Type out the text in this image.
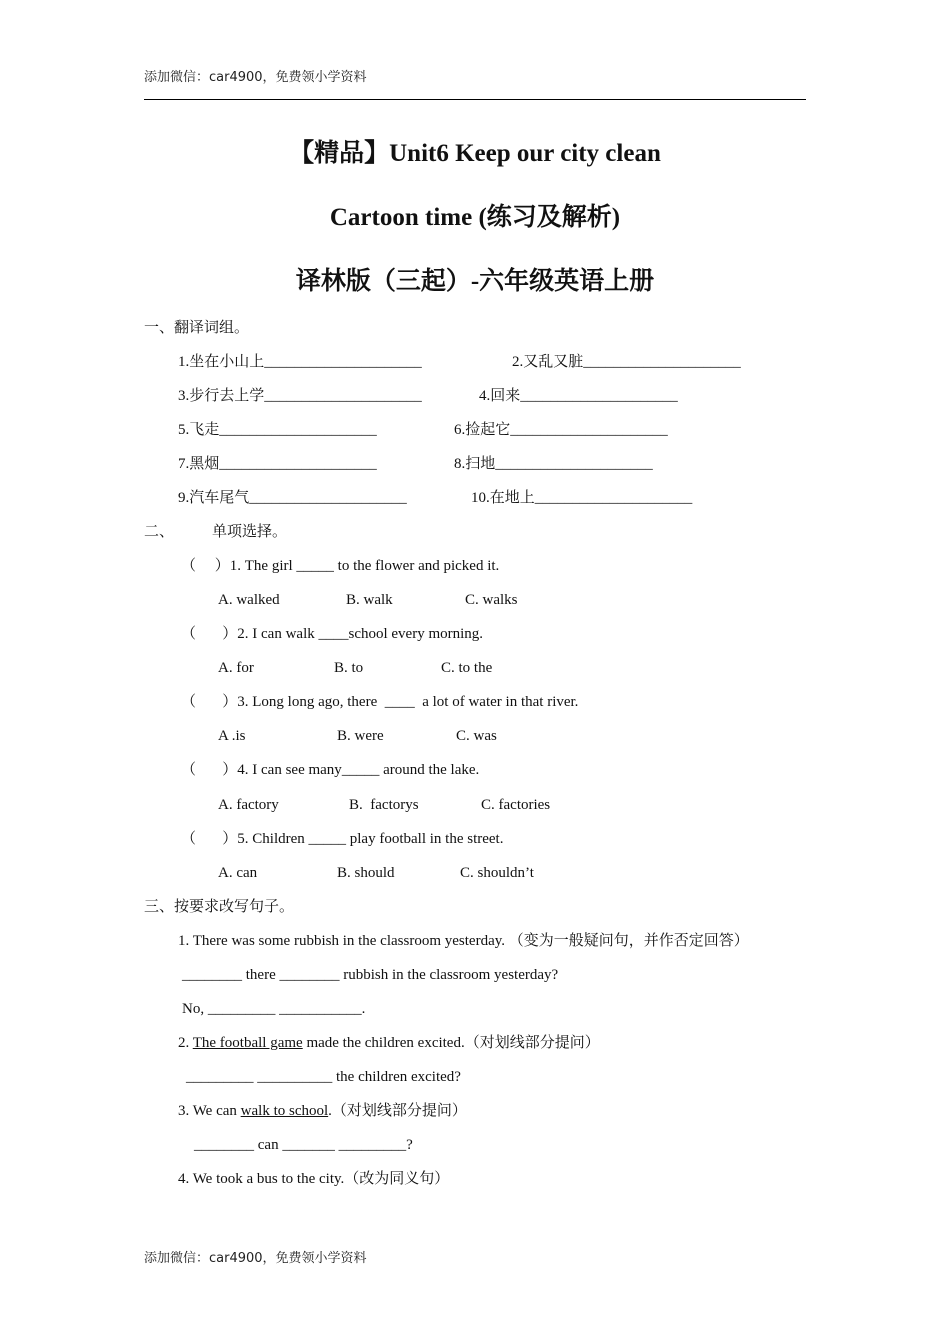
添加微信：car4900，免费领小学资料
【精品】Unit6 Keep our city clean
Cartoon time (练习及解析)
译林版（三起）-六年级英语上册
一、翻译词组。
1.坐在小山上_____________________	2.又乱又脏_____________________
3.步行去上学_____________________	4.回来_____________________
5.飞走_____________________	6.捡起它_____________________
7.黑烟_____________________	8.扫地_____________________
9.汽车尾气_____________________	10.在地上_____________________
二、	单项选择。
（     ）1. The girl _____ to the flower and picked it.
A. walked	B. walk	C. walks
（       ）2. I can walk ____school every morning.
A. for	B. to	C. to the
（       ）3. Long long ago, there  ____  a lot of water in that river.
A .is	B. were	C. was
（       ）4. I can see many_____ around the lake.
A. factory	B.  factorys	C. factories
（       ）5. Children _____ play football in the street.
A. can	B. should	C. shouldn’t
三、按要求改写句子。
1. There was some rubbish in the classroom yesterday. （变为一般疑问句，并作否定回答）
________ there ________ rubbish in the classroom yesterday?
No, _________ ___________.
2. The football game made the children excited.（对划线部分提问）
_________ __________ the children excited?
3. We can walk to school.（对划线部分提问）
________ can _______ _________?
4. We took a bus to the city.（改为同义句）
添加微信：car4900，免费领小学资料
